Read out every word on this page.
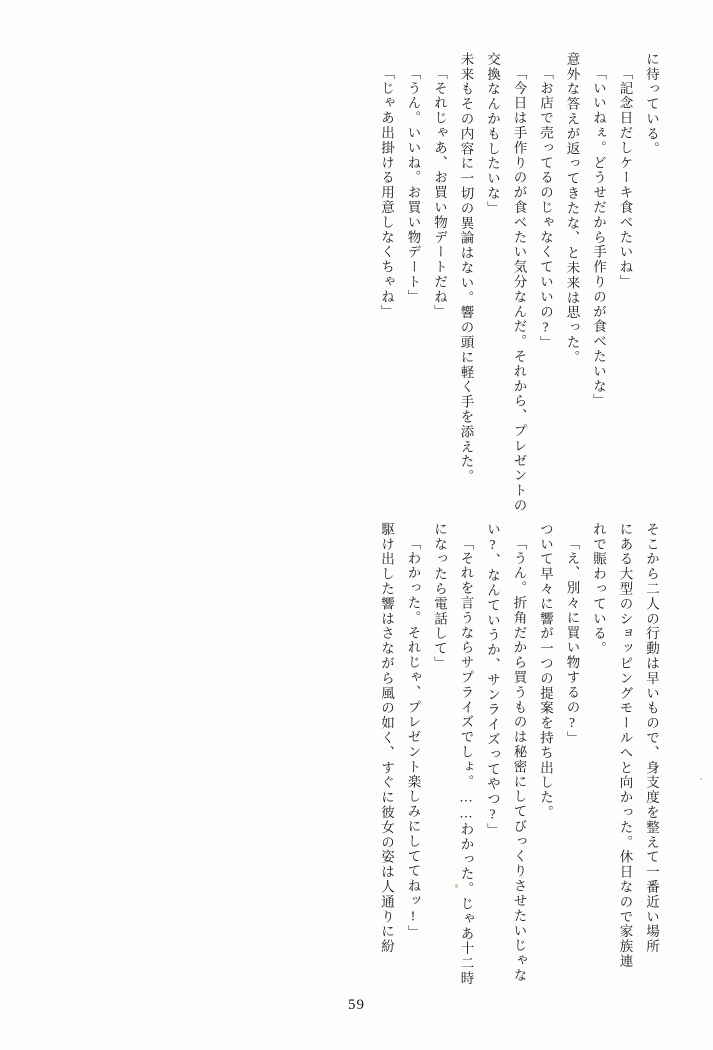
に待っている。
「記念日だしケーキ食べたいね」
「いいねぇ。どうせだから手作りのが食べたいな」
意外な答えが返ってきたな、と未来は思った。
「お店で売ってるのじゃなくていいの?」
「今日は手作りのが食べたい気分なんだ。それから、プレゼントの
交換なんかもしたいな」
未来もその内容に一切の異論はない。響の頭に軽く手を添えた。
「それじゃあ、お買い物デートだね」
「うん。いいね。お買い物デート」
「じゃあ出掛ける用意しなくちゃね」
そこから二人の行動は早いもので、身支度を整えて一番近い場所
にある大型のショッピングモールへと向かった。休日なので家族連
れで賑わっている。
「え、別々に買い物するの?」
ついて早々に響が一つの提案を持ち出した。
「うん。折角だから買うものは秘密にしてびっくりさせたいじゃな
い?、なんていうか、サンライズってやつ?」
「それを言うならサプライズでしょ。……わかった。じゃあ十二時
になったら電話して」
「わかった。それじゃ、プレゼント楽しみにしててねッ!」
駆け出した響はさながら風の如く、すぐに彼女の姿は人通りに紛
59
